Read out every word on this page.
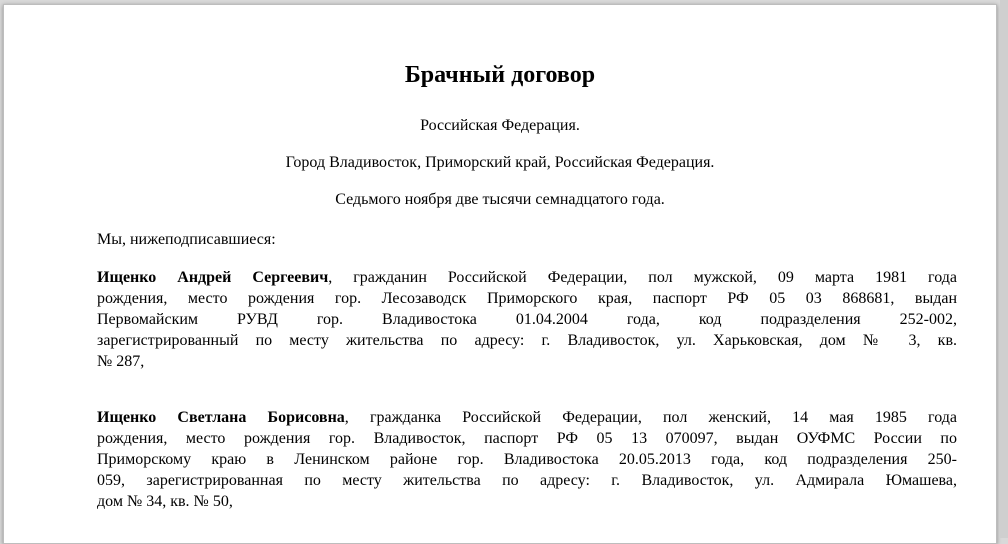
Брачный договор
Российская Федерация.
Город Владивосток, Приморский край, Российская Федерация.
Седьмого ноября две тысячи семнадцатого года.
Мы, нижеподписавшиеся:
Ищенко Андрей Сергеевич, гражданин Российской Федерации, пол мужской, 09 марта 1981 года
рождения, место рождения гор. Лесозаводск Приморского края, паспорт РФ 05 03 868681, выдан
Первомайским РУВД гор. Владивостока 01.04.2004 года, код подразделения 252-002,
зарегистрированный по месту жительства по адресу: г. Владивосток, ул. Харьковская, дом № 3, кв.
№ 287,
Ищенко Светлана Борисовна, гражданка Российской Федерации, пол женский, 14 мая 1985 года
рождения, место рождения гор. Владивосток, паспорт РФ 05 13 070097, выдан ОУФМС России по
Приморскому краю в Ленинском районе гор. Владивостока 20.05.2013 года, код подразделения 250-
059, зарегистрированная по месту жительства по адресу: г. Владивосток, ул. Адмирала Юмашева,
дом № 34, кв. № 50,
